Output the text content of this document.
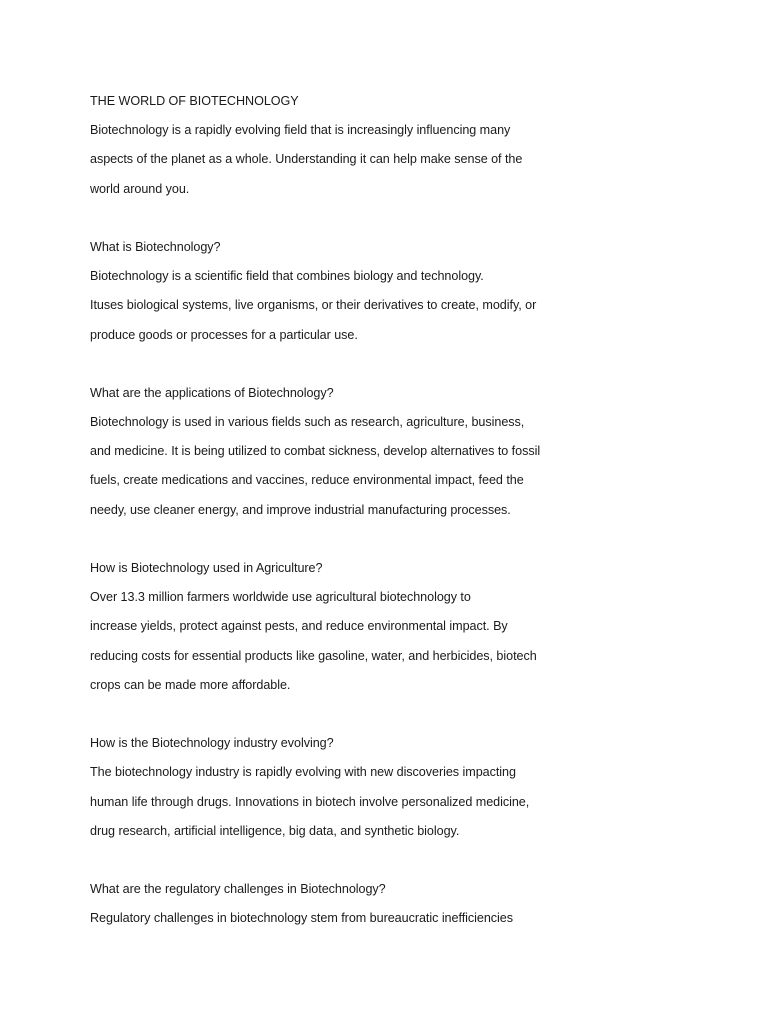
THE WORLD OF BIOTECHNOLOGY
Biotechnology is a rapidly evolving field that is increasingly influencing many
aspects of the planet as a whole. Understanding it can help make sense of the
world around you.
What is Biotechnology?
Biotechnology is a scientific field that combines biology and technology.
Ituses biological systems, live organisms, or their derivatives to create, modify, or
produce goods or processes for a particular use.
What are the applications of Biotechnology?
Biotechnology is used in various fields such as research, agriculture, business,
and medicine. It is being utilized to combat sickness, develop alternatives to fossil
fuels, create medications and vaccines, reduce environmental impact, feed the
needy, use cleaner energy, and improve industrial manufacturing processes.
How is Biotechnology used in Agriculture?
Over 13.3 million farmers worldwide use agricultural biotechnology to
increase yields, protect against pests, and reduce environmental impact. By
reducing costs for essential products like gasoline, water, and herbicides, biotech
crops can be made more affordable.
How is the Biotechnology industry evolving?
The biotechnology industry is rapidly evolving with new discoveries impacting
human life through drugs. Innovations in biotech involve personalized medicine,
drug research, artificial intelligence, big data, and synthetic biology.
What are the regulatory challenges in Biotechnology?
Regulatory challenges in biotechnology stem from bureaucratic inefficiencies
